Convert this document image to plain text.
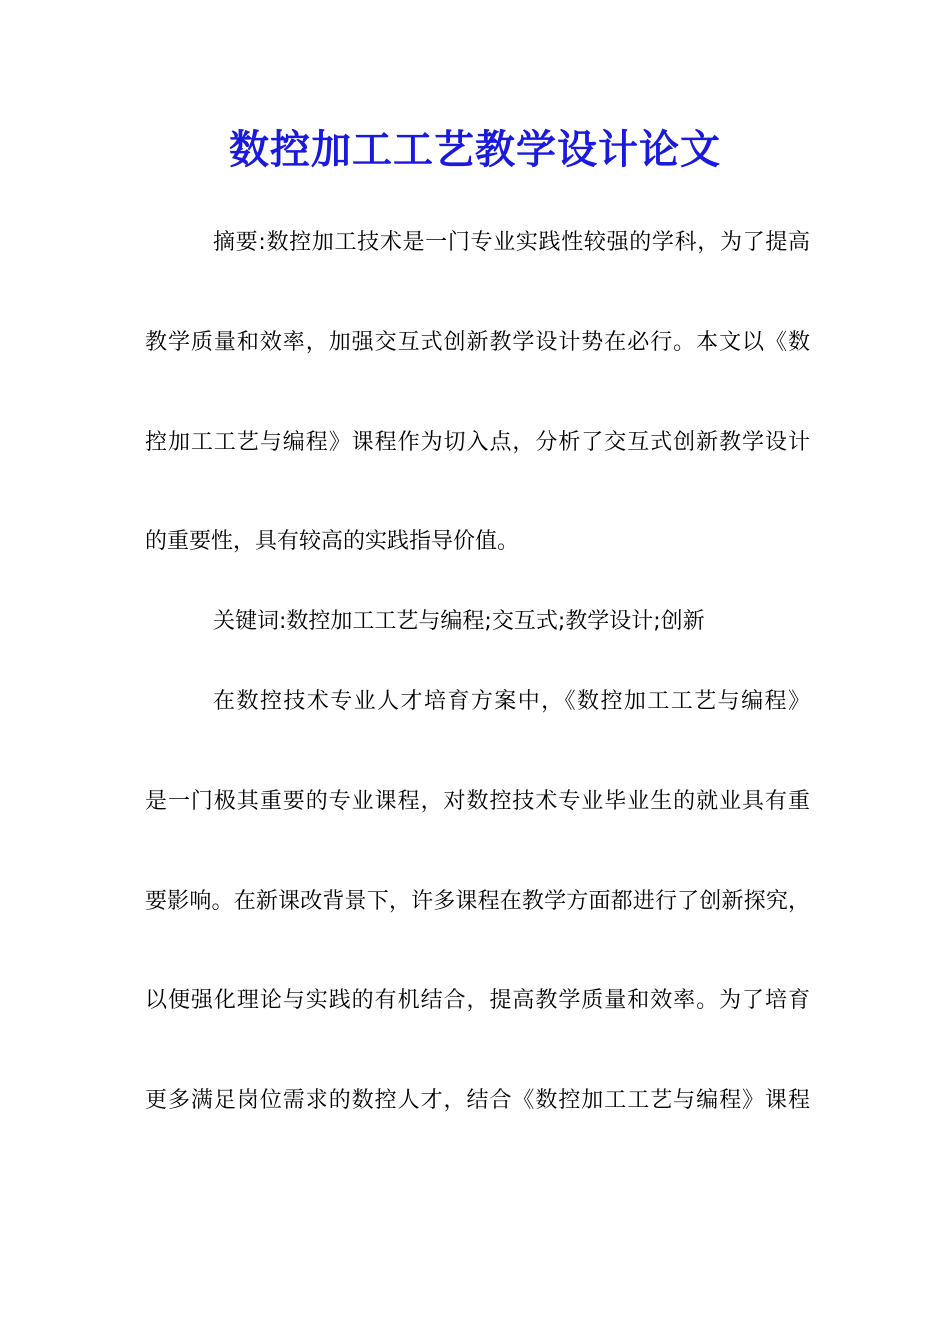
数控加工工艺教学设计论文
摘要:数控加工技术是一门专业实践性较强的学科，为了提高
教学质量和效率，加强交互式创新教学设计势在必行。本文以《数
控加工工艺与编程》课程作为切入点，分析了交互式创新教学设计
的重要性，具有较高的实践指导价值。
关键词:数控加工工艺与编程;交互式;教学设计;创新
在数控技术专业人才培育方案中，《数控加工工艺与编程》
是一门极其重要的专业课程，对数控技术专业毕业生的就业具有重
要影响。在新课改背景下，许多课程在教学方面都进行了创新探究，
以便强化理论与实践的有机结合，提高教学质量和效率。为了培育
更多满足岗位需求的数控人才，结合《数控加工工艺与编程》课程
